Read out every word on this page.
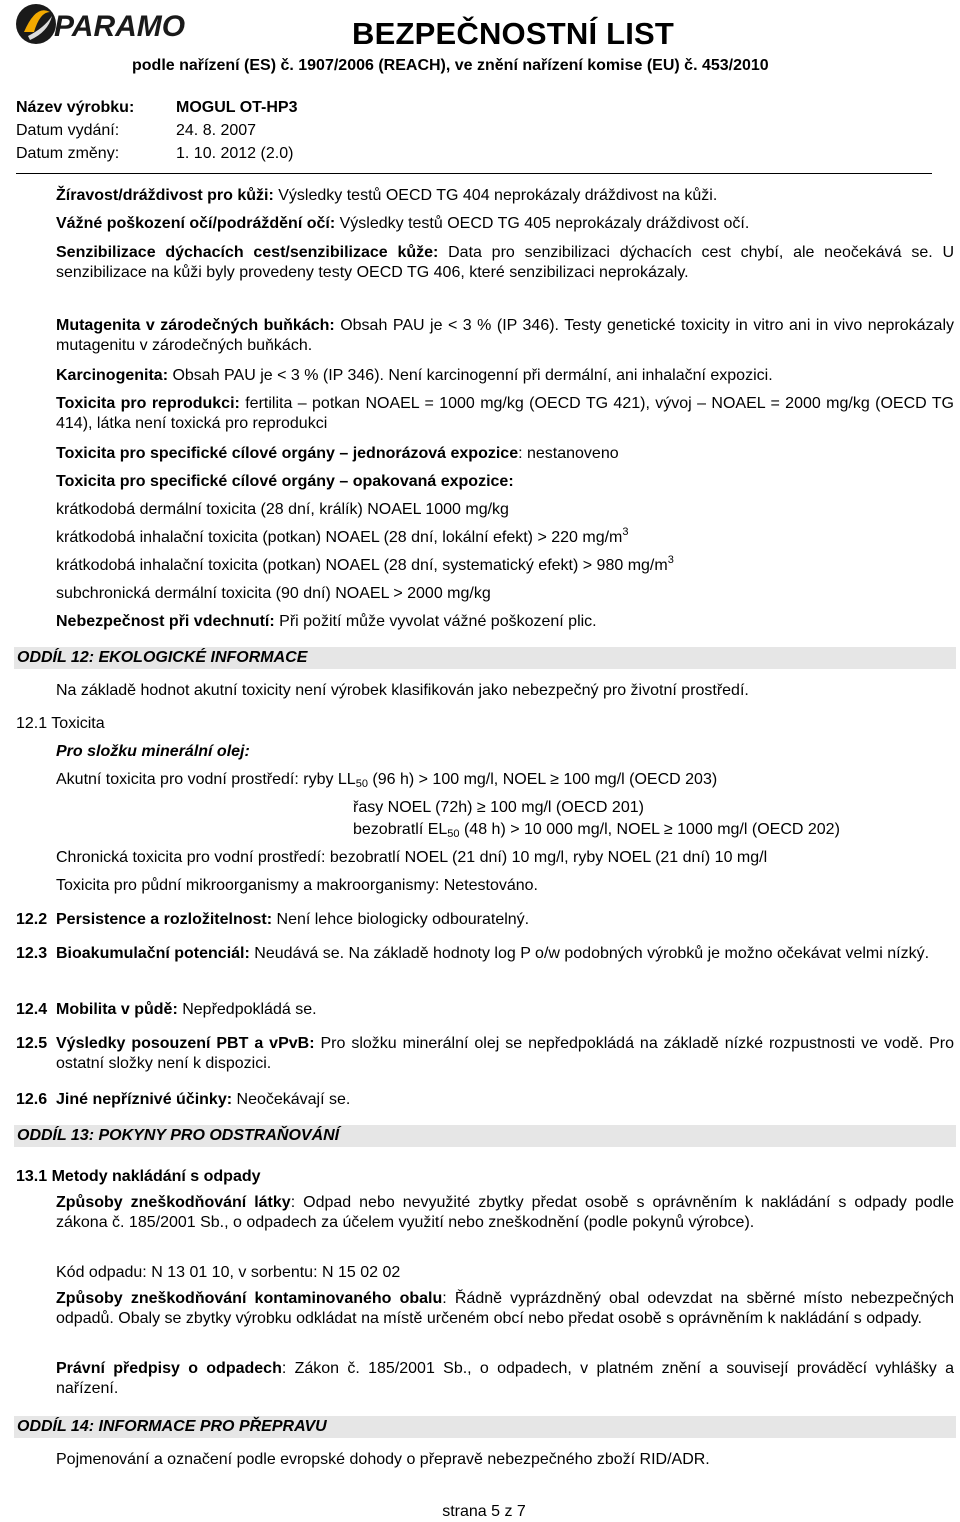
PARAMO	BEZPEČNOSTNÍ LIST
podle nařízení (ES) č. 1907/2006 (REACH), ve znění nařízení komise (EU) č. 453/2010
Název výrobku:	MOGUL OT-HP3
Datum vydání:	24. 8. 2007
Datum změny:	1. 10. 2012 (2.0)
Žíravost/dráždivost pro kůži: Výsledky testů OECD TG 404 neprokázaly dráždivost na kůži.
Vážné poškození očí/podráždění očí: Výsledky testů OECD TG 405 neprokázaly dráždivost očí.
Senzibilizace dýchacích cest/senzibilizace kůže: Data pro senzibilizaci dýchacích cest chybí, ale neočekává se. U senzibilizace na kůži byly provedeny testy OECD TG 406, které senzibilizaci neprokázaly.
Mutagenita v zárodečných buňkách: Obsah PAU je < 3 % (IP 346). Testy genetické toxicity in vitro ani in vivo neprokázaly mutagenitu v zárodečných buňkách.
Karcinogenita: Obsah PAU je < 3 % (IP 346). Není karcinogenní při dermální, ani inhalační expozici.
Toxicita pro reprodukci: fertilita – potkan NOAEL = 1000 mg/kg (OECD TG 421), vývoj – NOAEL = 2000 mg/kg (OECD TG 414), látka není toxická pro reprodukci
Toxicita pro specifické cílové orgány – jednorázová expozice: nestanoveno
Toxicita pro specifické cílové orgány – opakovaná expozice:
krátkodobá dermální toxicita (28 dní, králík) NOAEL 1000 mg/kg
krátkodobá inhalační toxicita (potkan) NOAEL (28 dní, lokální efekt) > 220 $mg/m^3$
krátkodobá inhalační toxicita (potkan) NOAEL (28 dní, systematický efekt) > 980 $mg/m^3$
subchronická dermální toxicita (90 dní) NOAEL > 2000 mg/kg
Nebezpečnost při vdechnutí: Při požití může vyvolat vážné poškození plic.
ODDÍL 12: EKOLOGICKÉ INFORMACE
Na základě hodnot akutní toxicity není výrobek klasifikován jako nebezpečný pro životní prostředí.
12.1 Toxicita
Pro složku minerální olej:
Akutní toxicita pro vodní prostředí: ryby $LL_{50}$ (96 h) > 100 mg/l, NOEL ≥ 100 mg/l (OECD 203)
řasy NOEL (72h) ≥ 100 mg/l (OECD 201)
bezobratlí $EL_{50}$ (48 h) > 10 000 mg/l, NOEL ≥ 1000 mg/l (OECD 202)
Chronická toxicita pro vodní prostředí: bezobratlí NOEL (21 dní) 10 mg/l, ryby NOEL (21 dní) 10 mg/l
Toxicita pro půdní mikroorganismy a makroorganismy: Netestováno.
12.2 Persistence a rozložitelnost: Není lehce biologicky odbouratelný.
12.3 Bioakumulační potenciál: Neudává se. Na základě hodnoty log P o/w podobných výrobků je možno očekávat velmi nízký.
12.4 Mobilita v půdě: Nepředpokládá se.
12.5 Výsledky posouzení PBT a vPvB: Pro složku minerální olej se nepředpokládá na základě nízké rozpustnosti ve vodě. Pro ostatní složky není k dispozici.
12.6 Jiné nepříznivé účinky: Neočekávají se.
ODDÍL 13: POKYNY PRO ODSTRAŇOVÁNÍ
13.1 Metody nakládání s odpady
Způsoby zneškodňování látky: Odpad nebo nevyužité zbytky předat osobě s oprávněním k nakládání s odpady podle zákona č. 185/2001 Sb., o odpadech za účelem využití nebo zneškodnění (podle pokynů výrobce).
Kód odpadu: N 13 01 10, v sorbentu: N 15 02 02
Způsoby zneškodňování kontaminovaného obalu: Řádně vyprázdněný obal odevzdat na sběrné místo nebezpečných odpadů. Obaly se zbytky výrobku odkládat na místě určeném obcí nebo předat osobě s oprávněním k nakládání s odpady.
Právní předpisy o odpadech: Zákon č. 185/2001 Sb., o odpadech, v platném znění a souvisejí prováděcí vyhlášky a nařízení.
ODDÍL 14: INFORMACE PRO PŘEPRAVU
Pojmenování a označení podle evropské dohody o přepravě nebezpečného zboží RID/ADR.
strana 5 z 7
